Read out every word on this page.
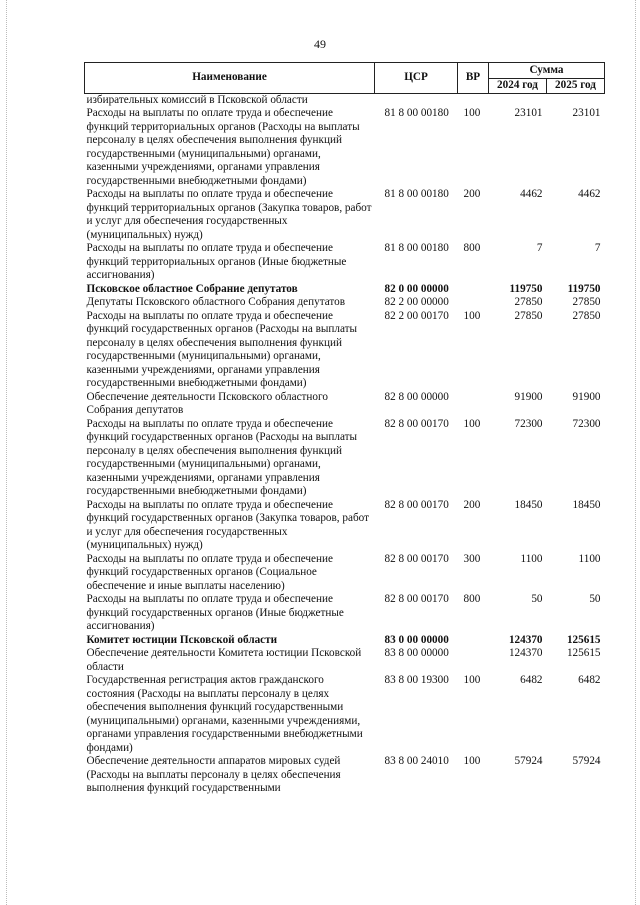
49
Наименование	ЦСР	ВР	Сумма	
			2024 год	2025 год
избирательных комиссий в Псковской области				
Расходы на выплаты по оплате труда и обеспечение функций территориальных органов (Расходы на выплаты персоналу в целях обеспечения выполнения функций государственными (муниципальными) органами, казенными учреждениями, органами управления государственными внебюджетными фондами)	81 8 00 00180	100	23101	23101
Расходы на выплаты по оплате труда и обеспечение функций территориальных органов (Закупка товаров, работ и услуг для обеспечения государственных (муниципальных) нужд)	81 8 00 00180	200	4462	4462
Расходы на выплаты по оплате труда и обеспечение функций территориальных органов (Иные бюджетные ассигнования)	81 8 00 00180	800	7	7
Псковское областное Собрание депутатов	82 0 00 00000		119750	119750
Депутаты Псковского областного Собрания депутатов	82 2 00 00000		27850	27850
Расходы на выплаты по оплате труда и обеспечение функций государственных органов (Расходы на выплаты персоналу в целях обеспечения выполнения функций государственными (муниципальными) органами, казенными учреждениями, органами управления государственными внебюджетными фондами)	82 2 00 00170	100	27850	27850
Обеспечение деятельности Псковского областного Собрания депутатов	82 8 00 00000		91900	91900
Расходы на выплаты по оплате труда и обеспечение функций государственных органов (Расходы на выплаты персоналу в целях обеспечения выполнения функций государственными (муниципальными) органами, казенными учреждениями, органами управления государственными внебюджетными фондами)	82 8 00 00170	100	72300	72300
Расходы на выплаты по оплате труда и обеспечение функций государственных органов (Закупка товаров, работ и услуг для обеспечения государственных (муниципальных) нужд)	82 8 00 00170	200	18450	18450
Расходы на выплаты по оплате труда и обеспечение функций государственных органов (Социальное обеспечение и иные выплаты населению)	82 8 00 00170	300	1100	1100
Расходы на выплаты по оплате труда и обеспечение функций государственных органов (Иные бюджетные ассигнования)	82 8 00 00170	800	50	50
Комитет юстиции Псковской области	83 0 00 00000		124370	125615
Обеспечение деятельности Комитета юстиции Псковской области	83 8 00 00000		124370	125615
Государственная регистрация актов гражданского состояния (Расходы на выплаты персоналу в целях обеспечения выполнения функций государственными (муниципальными) органами, казенными учреждениями, органами управления государственными внебюджетными фондами)	83 8 00 19300	100	6482	6482
Обеспечение деятельности аппаратов мировых судей (Расходы на выплаты персоналу в целях обеспечения выполнения функций государственными	83 8 00 24010	100	57924	57924
